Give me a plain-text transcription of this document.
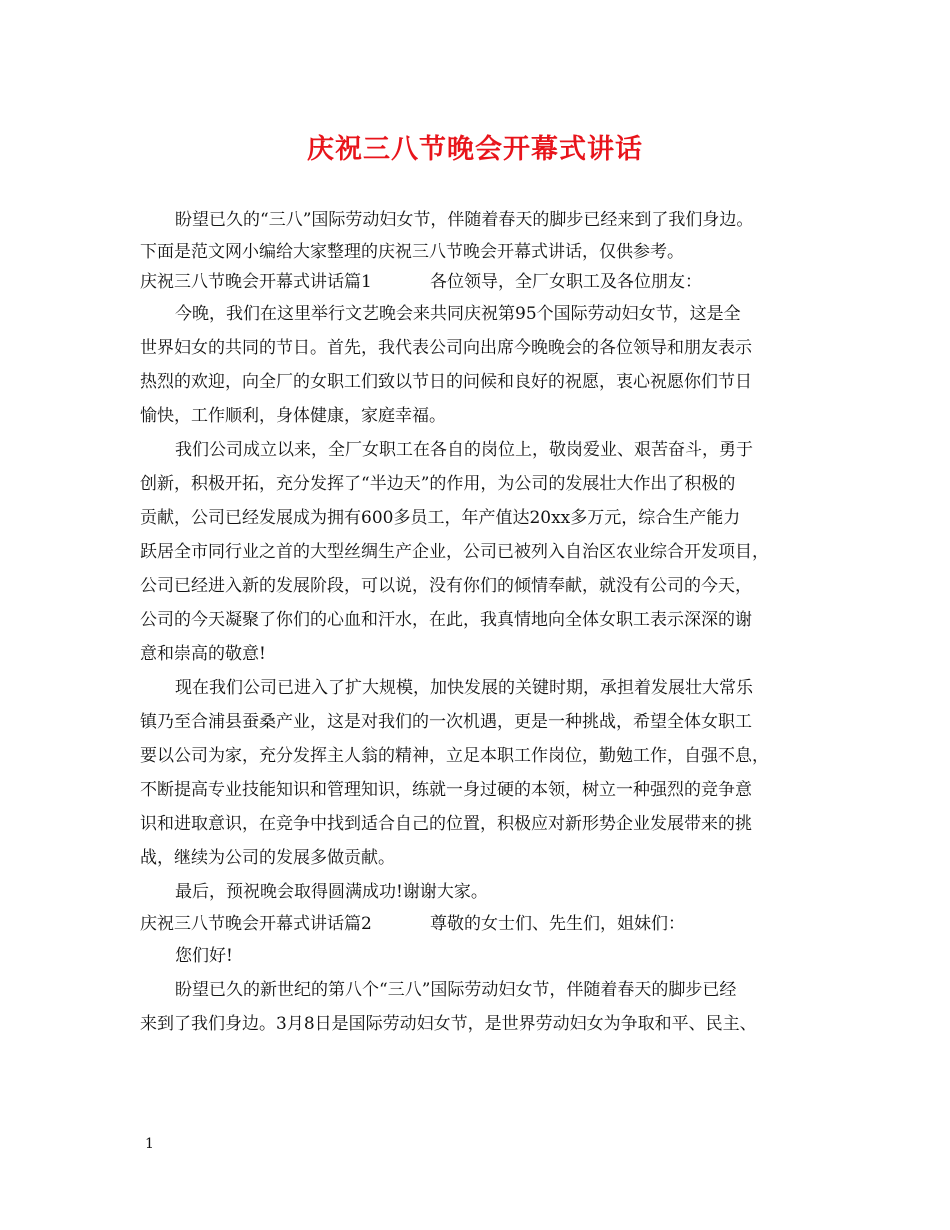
庆祝三八节晚会开幕式讲话
盼望已久的“三八”国际劳动妇女节，伴随着春天的脚步已经来到了我们身边。
下面是范文网小编给大家整理的庆祝三八节晚会开幕式讲话，仅供参考。
庆祝三八节晚会开幕式讲话篇1	各位领导，全厂女职工及各位朋友：
今晚，我们在这里举行文艺晚会来共同庆祝第95个国际劳动妇女节，这是全
世界妇女的共同的节日。首先，我代表公司向出席今晚晚会的各位领导和朋友表示
热烈的欢迎，向全厂的女职工们致以节日的问候和良好的祝愿，衷心祝愿你们节日
愉快，工作顺利，身体健康，家庭幸福。
我们公司成立以来，全厂女职工在各自的岗位上，敬岗爱业、艰苦奋斗，勇于
创新，积极开拓，充分发挥了“半边天”的作用，为公司的发展壮大作出了积极的
贡献，公司已经发展成为拥有600多员工，年产值达20xx多万元，综合生产能力
跃居全市同行业之首的大型丝绸生产企业，公司已被列入自治区农业综合开发项目，
公司已经进入新的发展阶段，可以说，没有你们的倾情奉献，就没有公司的今天，
公司的今天凝聚了你们的心血和汗水，在此，我真情地向全体女职工表示深深的谢
意和崇高的敬意!
现在我们公司已进入了扩大规模，加快发展的关键时期，承担着发展壮大常乐
镇乃至合浦县蚕桑产业，这是对我们的一次机遇，更是一种挑战，希望全体女职工
要以公司为家，充分发挥主人翁的精神，立足本职工作岗位，勤勉工作，自强不息，
不断提高专业技能知识和管理知识，练就一身过硬的本领，树立一种强烈的竞争意
识和进取意识，在竞争中找到适合自己的位置，积极应对新形势企业发展带来的挑
战，继续为公司的发展多做贡献。
最后，预祝晚会取得圆满成功!谢谢大家。
庆祝三八节晚会开幕式讲话篇2	尊敬的女士们、先生们，姐妹们：
您们好!
盼望已久的新世纪的第八个“三八”国际劳动妇女节，伴随着春天的脚步已经
来到了我们身边。3月8日是国际劳动妇女节，是世界劳动妇女为争取和平、民主、
1
